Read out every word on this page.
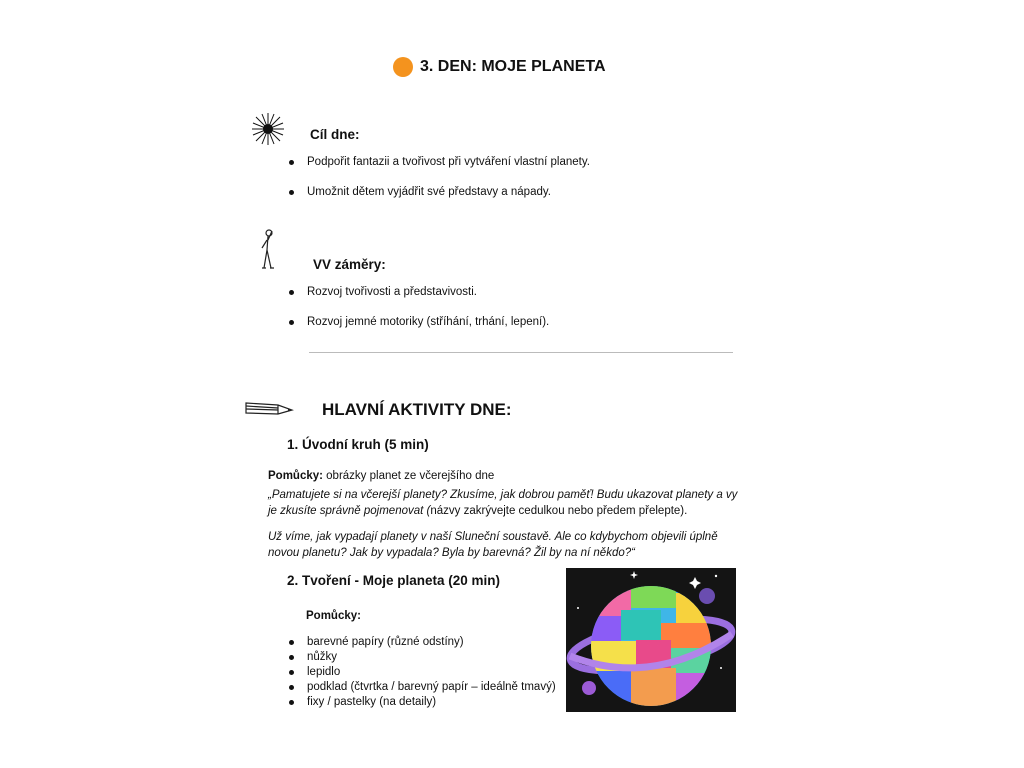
3. DEN: MOJE PLANETA
Cíl dne:
Podpořit fantazii a tvořivost při vytváření vlastní planety.
Umožnit dětem vyjádřit své představy a nápady.
VV záměry:
Rozvoj tvořivosti a představivosti.
Rozvoj jemné motoriky (stříhání, trhání, lepení).
HLAVNÍ AKTIVITY DNE:
1. Úvodní kruh (5 min)
Pomůcky: obrázky planet ze včerejšího dne
„Pamatujete si na včerejší planety? Zkusíme, jak dobrou paměť! Budu ukazovat planety a vy je zkusíte správně pojmenovat (názvy zakrývejte cedulkou nebo předem přelepte).
Už víme, jak vypadají planety v naší Sluneční soustavě. Ale co kdybychom objevili úplně novou planetu? Jak by vypadala? Byla by barevná? Žil by na ní někdo?“
2. Tvoření - Moje planeta (20 min)
Pomůcky:
barevné papíry (různé odstíny)
nůžky
lepidlo
podklad (čtvrtka / barevný papír – ideálně tmavý)
fixy / pastelky (na detaily)
